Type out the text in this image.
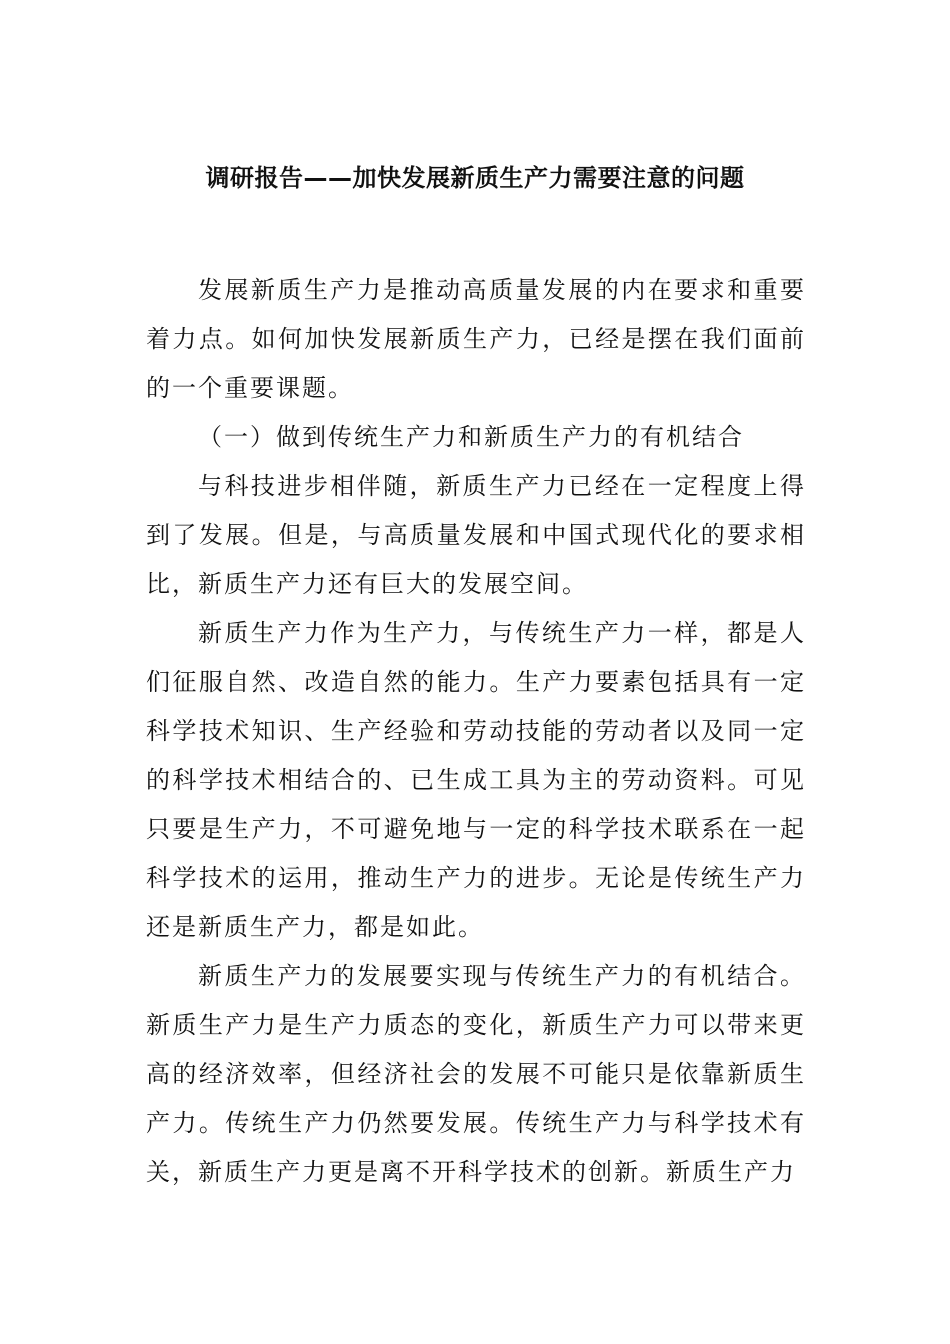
调研报告——加快发展新质生产力需要注意的问题

发展新质生产力是推动高质量发展的内在要求和重要着力点。如何加快发展新质生产力，已经是摆在我们面前的一个重要课题。

（一）做到传统生产力和新质生产力的有机结合

与科技进步相伴随，新质生产力已经在一定程度上得到了发展。但是，与高质量发展和中国式现代化的要求相比，新质生产力还有巨大的发展空间。

新质生产力作为生产力，与传统生产力一样，都是人们征服自然、改造自然的能力。生产力要素包括具有一定科学技术知识、生产经验和劳动技能的劳动者以及同一定的科学技术相结合的、已生成工具为主的劳动资料。可见只要是生产力，不可避免地与一定的科学技术联系在一起科学技术的运用，推动生产力的进步。无论是传统生产力还是新质生产力，都是如此。

新质生产力的发展要实现与传统生产力的有机结合。新质生产力是生产力质态的变化，新质生产力可以带来更高的经济效率，但经济社会的发展不可能只是依靠新质生产力。传统生产力仍然要发展。传统生产力与科学技术有关，新质生产力更是离不开科学技术的创新。新质生产力
